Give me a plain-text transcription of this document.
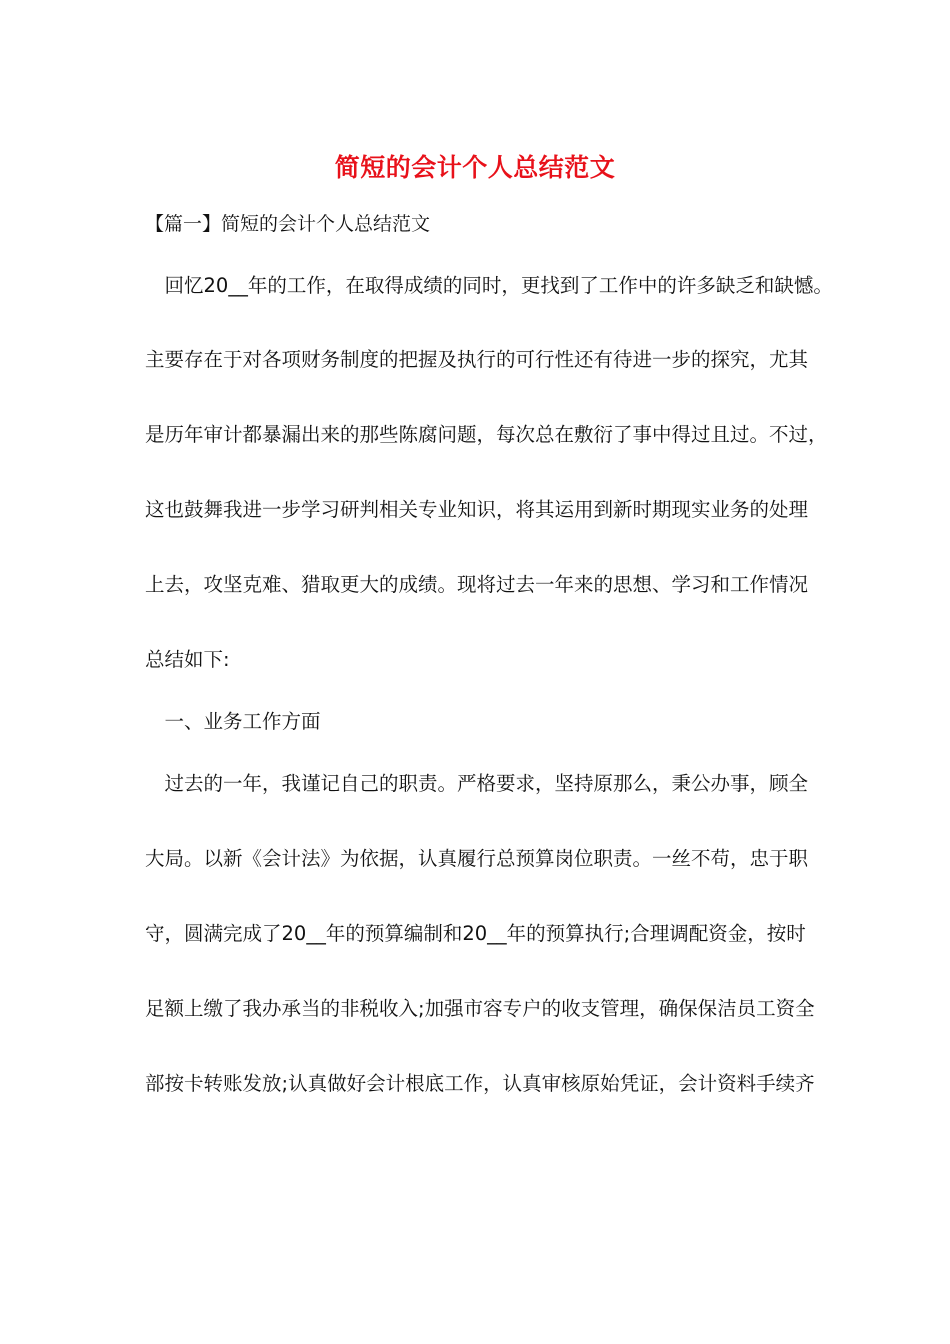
简短的会计个人总结范文
【篇一】简短的会计个人总结范文
　回忆20__年的工作，在取得成绩的同时，更找到了工作中的许多缺乏和缺憾。
主要存在于对各项财务制度的把握及执行的可行性还有待进一步的探究，尤其
是历年审计都暴漏出来的那些陈腐问题，每次总在敷衍了事中得过且过。不过，
这也鼓舞我进一步学习研判相关专业知识，将其运用到新时期现实业务的处理
上去，攻坚克难、猎取更大的成绩。现将过去一年来的思想、学习和工作情况
总结如下:
　一、业务工作方面
　过去的一年，我谨记自己的职责。严格要求，坚持原那么，秉公办事，顾全
大局。以新《会计法》为依据，认真履行总预算岗位职责。一丝不苟，忠于职
守，圆满完成了20__年的预算编制和20__年的预算执行;合理调配资金，按时
足额上缴了我办承当的非税收入;加强市容专户的收支管理，确保保洁员工资全
部按卡转账发放;认真做好会计根底工作，认真审核原始凭证，会计资料手续齐
